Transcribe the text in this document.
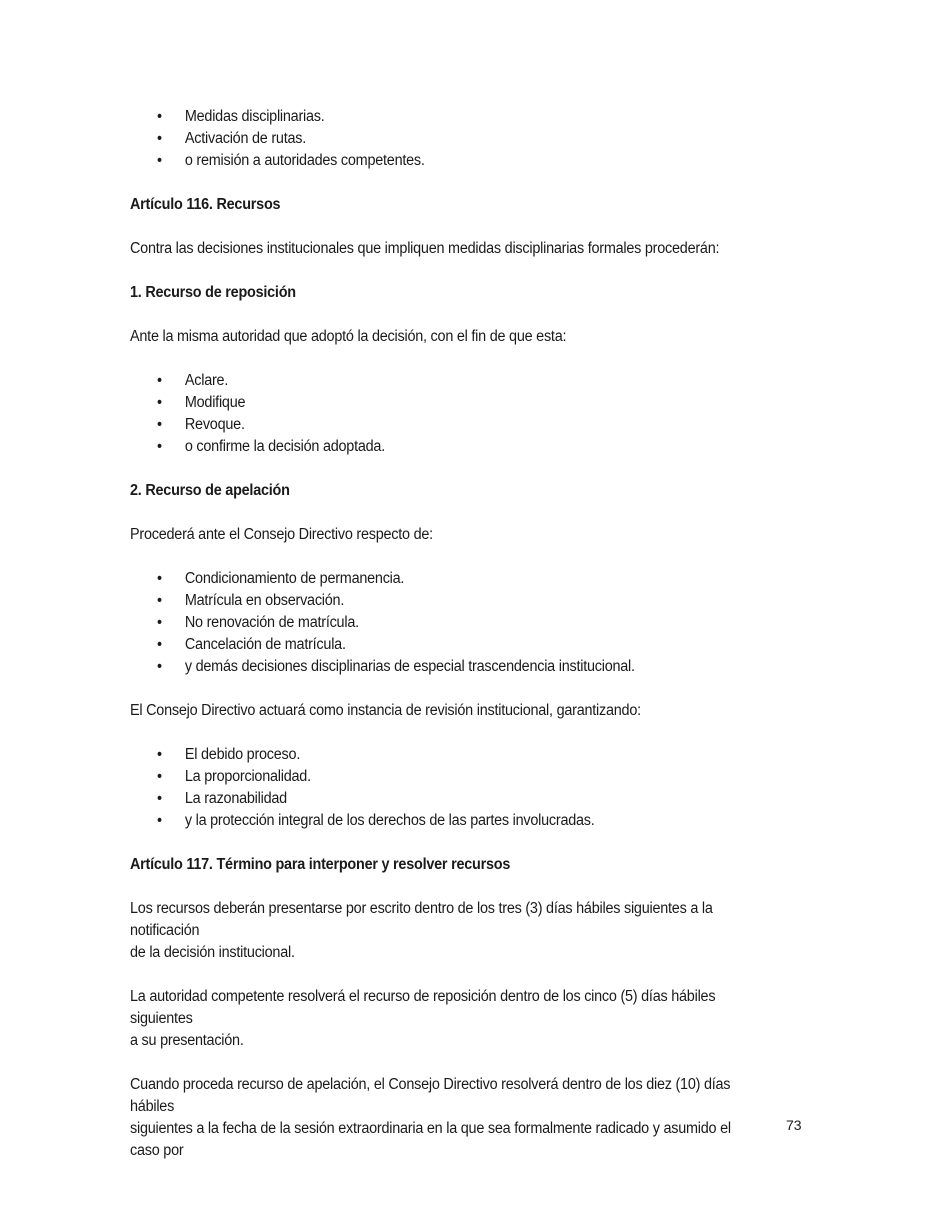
• Medidas disciplinarias.
• Activación de rutas.
• o remisión a autoridades competentes.

Artículo 116. Recursos

Contra las decisiones institucionales que impliquen medidas disciplinarias formales procederán:

1. Recurso de reposición

Ante la misma autoridad que adoptó la decisión, con el fin de que esta:

• Aclare.
• Modifique
• Revoque.
• o confirme la decisión adoptada.

2. Recurso de apelación

Procederá ante el Consejo Directivo respecto de:

• Condicionamiento de permanencia.
• Matrícula en observación.
• No renovación de matrícula.
• Cancelación de matrícula.
• y demás decisiones disciplinarias de especial trascendencia institucional.

El Consejo Directivo actuará como instancia de revisión institucional, garantizando:

• El debido proceso.
• La proporcionalidad.
• La razonabilidad
• y la protección integral de los derechos de las partes involucradas.

Artículo 117. Término para interponer y resolver recursos

Los recursos deberán presentarse por escrito dentro de los tres (3) días hábiles siguientes a la notificación

de la decisión institucional.

La autoridad competente resolverá el recurso de reposición dentro de los cinco (5) días hábiles siguientes

a su presentación.

Cuando proceda recurso de apelación, el Consejo Directivo resolverá dentro de los diez (10) días hábiles

siguientes a la fecha de la sesión extraordinaria en la que sea formalmente radicado y asumido el caso por

73
